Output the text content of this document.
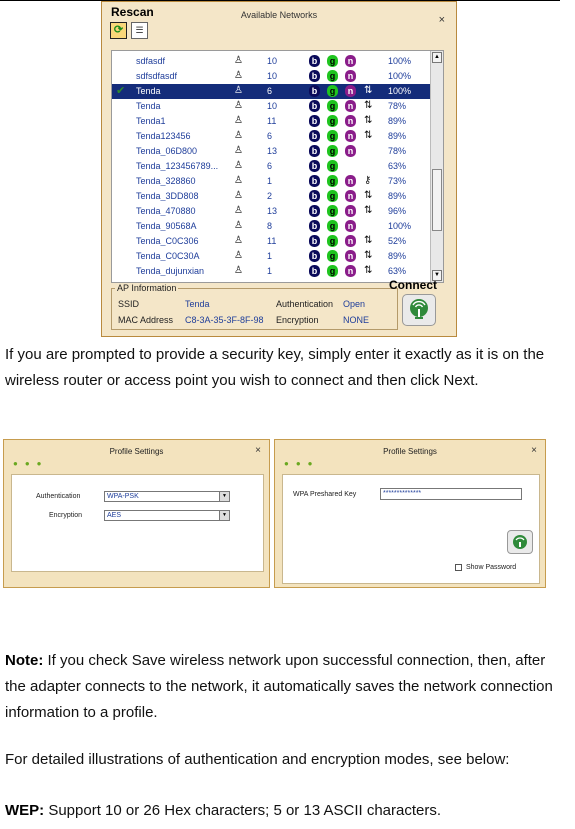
Rescan	Available Networks	×
⟳	☰
sdfasdf	♙	10	b	g	n	100%
sdfsdfasdf	♙	10	b	g	n	100%
✔ Tenda	♙	6	b	g	n ⇅ 100%
Tenda	♙	10	b	g	n ⇅ 78%
Tenda1	♙	11	b	g	n ⇅ 89%
Tenda123456	♙	6	b	g	n ⇅ 89%
Tenda_06D800	♙	13	b	g	n	78%
Tenda_123456789...	♙	6	b	g	63%
Tenda_328860	♙	1	b	g	n ⚷ 73%
Tenda_3DD808	♙	2	b	g	n ⇅ 89%
Tenda_470880	♙	13	b	g	n ⇅ 96%
Tenda_90568A	♙	8	b	g	n	100%
Tenda_C0C306	♙	11	b	g	n ⇅ 52%
Tenda_C0C30A	♙	1	b	g	n ⇅ 89%
Tenda_dujunxian	♙	1	b	g	n ⇅ 63%
▲
▼
AP Information
SSID	Tenda	Authentication Open
MAC Address C8-3A-35-3F-8F-98 Encryption	NONE
Connect
If you are prompted to provide a security key, simply enter it exactly as it is on the wireless router or access point you wish to connect and then click Next.
Profile Settings	×
●●●
Authentication	WPA-PSK	▼
Encryption	AES	▼
Profile Settings	×
●●●
WPA Preshared Key	**************
Show Password
Note: If you check Save wireless network upon successful connection, then, after the adapter connects to the network, it automatically saves the network connection information to a profile.
For detailed illustrations of authentication and encryption modes, see below:
WEP: Support 10 or 26 Hex characters; 5 or 13 ASCII characters.
